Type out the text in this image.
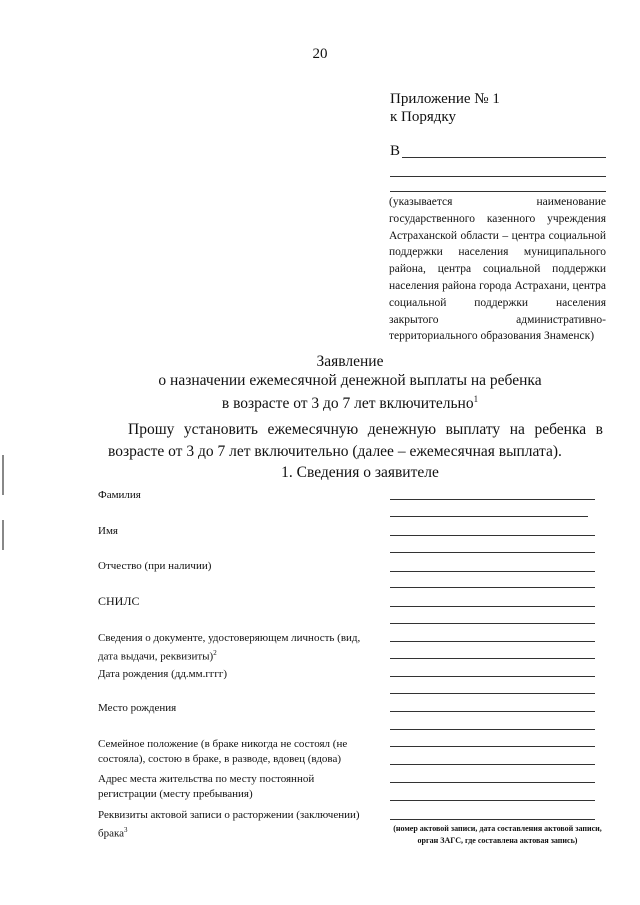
20
Приложение № 1
к Порядку
В
(указывается наименование государственного казенного учреждения Астраханской области – центра социальной поддержки населения муниципального района, центра социальной поддержки населения района города Астрахани, центра социальной поддержки населения закрытого административно-территориального образования Знаменск)
Заявление
о назначении ежемесячной денежной выплаты на ребенка
в возрасте от 3 до 7 лет включительно$^1$
Прошу установить ежемесячную денежную выплату на ребенка в возрасте от 3 до 7 лет включительно (далее – ежемесячная выплата).
1. Сведения о заявителе
Фамилия
Имя
Отчество (при наличии)
СНИЛС
Сведения о документе, удостоверяющем личность (вид, дата выдачи, реквизиты)$^2$
Дата рождения (дд.мм.гггг)
Место рождения
Семейное положение (в браке никогда не состоял (не состояла), состою в браке, в разводе, вдовец (вдова)
Адрес места жительства по месту постоянной регистрации (месту пребывания)
Реквизиты актовой записи о расторжении (заключении) брака$^3$	(номер актовой записи, дата составления актовой записи, орган ЗАГС, где составлена актовая запись)
